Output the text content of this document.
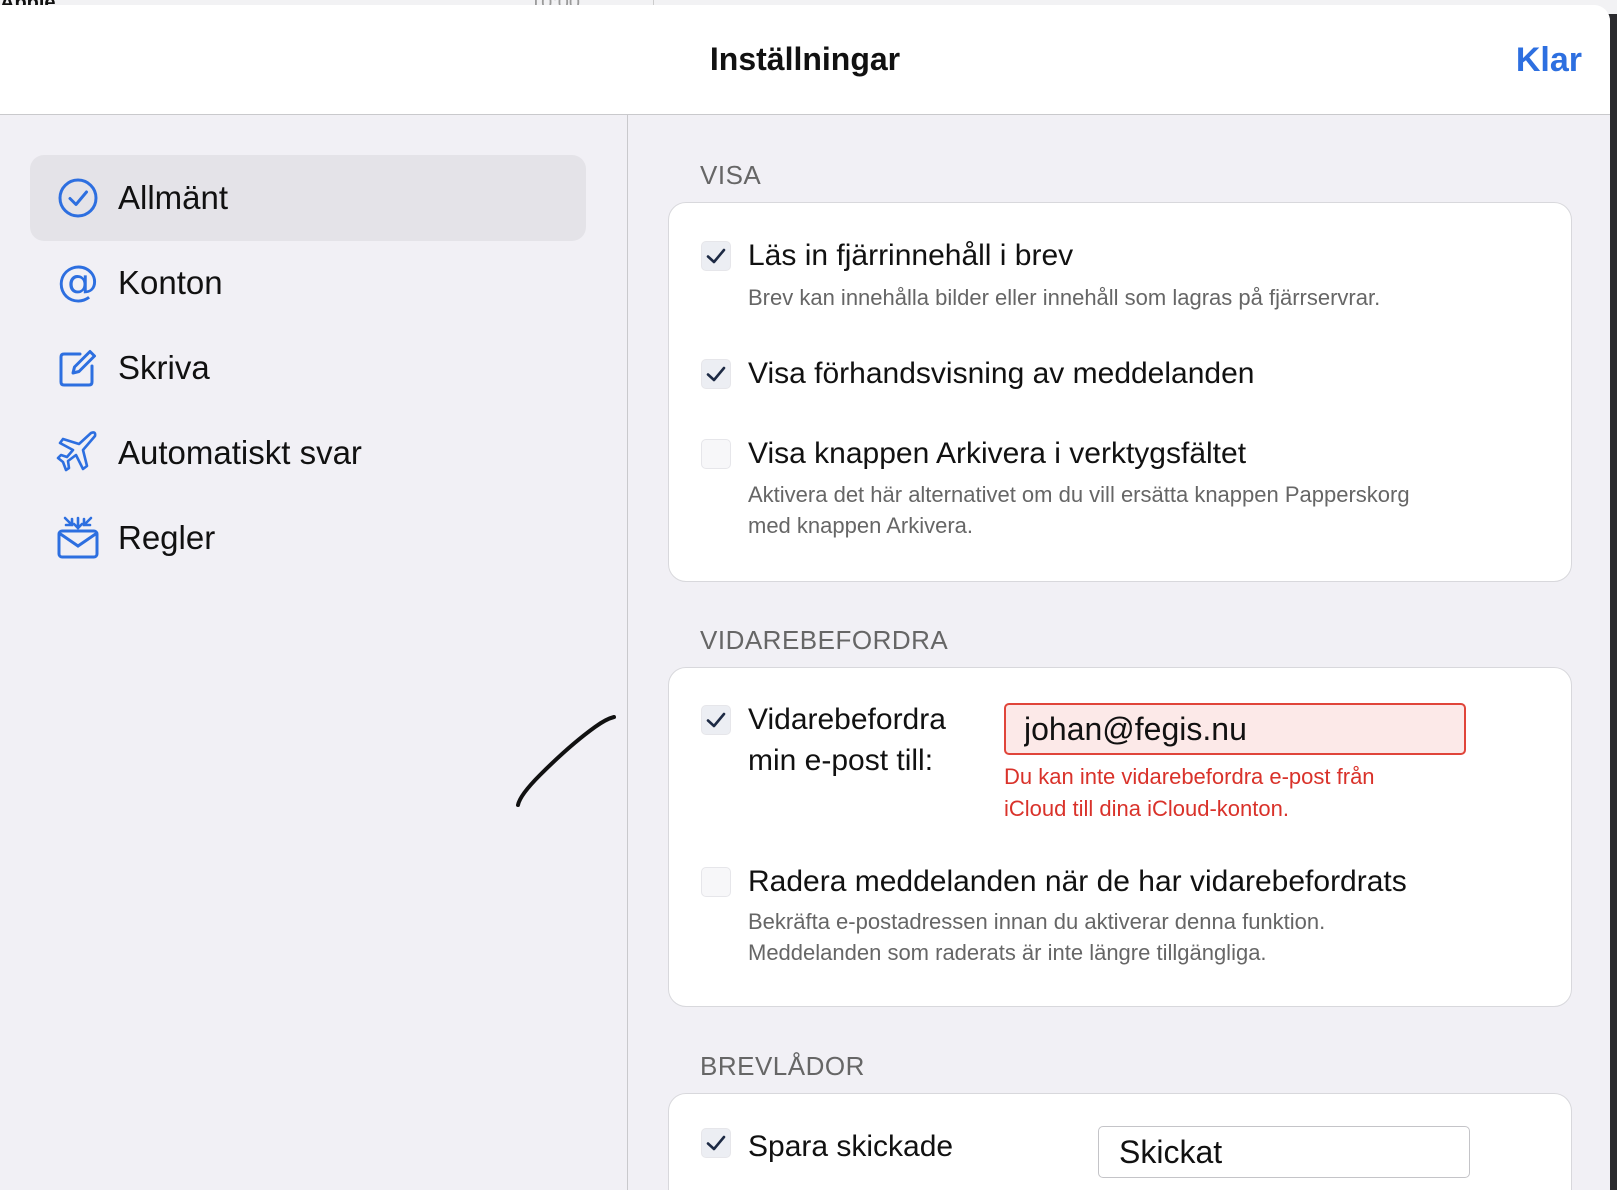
Inställningar	Klar
Allmänt
@ Konton
Skriva
Automatiskt svar
Regler
VISA
Läs in fjärrinnehåll i brev
Brev kan innehålla bilder eller innehåll som lagras på fjärrservrar.
Visa förhandsvisning av meddelanden
Visa knappen Arkivera i verktygsfältet
Aktivera det här alternativet om du vill ersätta knappen Papperskorg
med knappen Arkivera.
VIDAREBEFORDRA
Vidarebefordra
min e-post till:
johan@fegis.nu	Du kan inte vidarebefordra e-post från
iCloud till dina iCloud-konton.
Radera meddelanden när de har vidarebefordrats
Bekräfta e-postadressen innan du aktiverar denna funktion.
Meddelanden som raderats är inte längre tillgängliga.
BREVLÅDOR
Spara skickade
Skickat
